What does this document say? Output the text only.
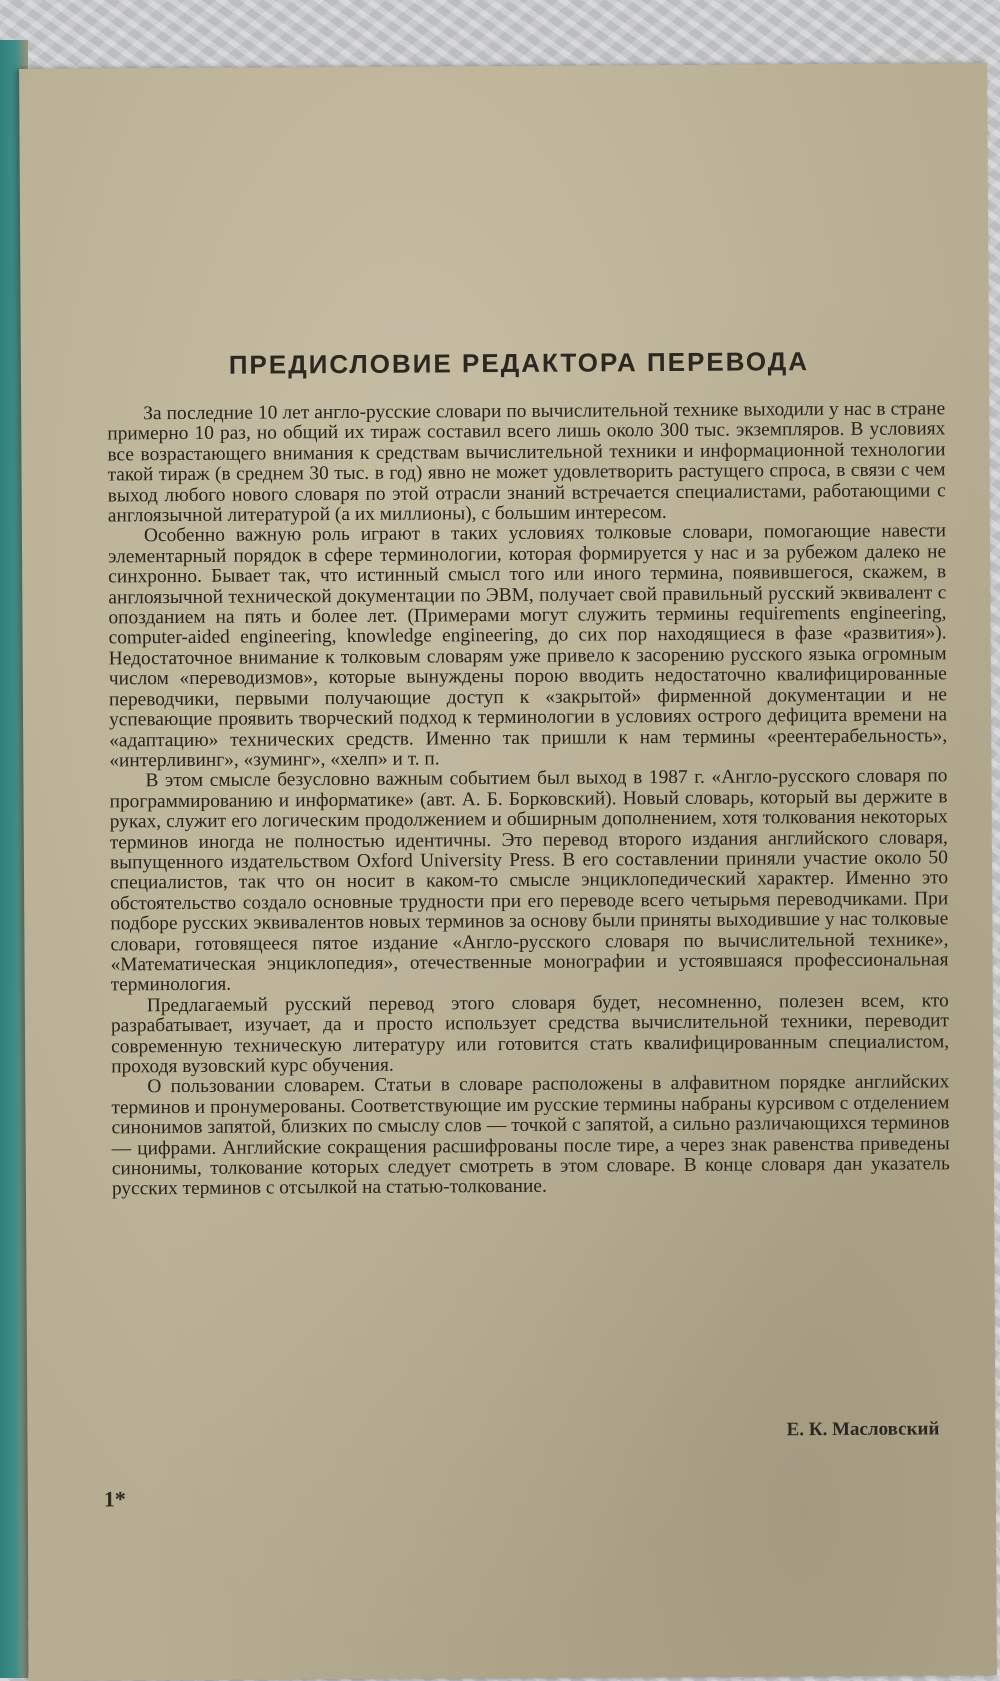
ПРЕДИСЛОВИЕ РЕДАКТОРА ПЕРЕВОДА

За последние 10 лет англо-русские словари по вычислительной технике выходили у нас в стране примерно 10 раз, но общий их тираж составил всего лишь около 300 тыс. экземпляров. В условиях все возрастающего внимания к средствам вычислительной техники и информационной технологии такой тираж (в среднем 30 тыс. в год) явно не может удовлетворить растущего спроса, в связи с чем выход любого нового словаря по этой отрасли знаний встречается специалистами, работающими с англоязычной литературой (а их миллионы), с большим интересом.

Особенно важную роль играют в таких условиях толковые словари, помогающие навести элементарный порядок в сфере терминологии, которая формируется у нас и за рубежом далеко не синхронно. Бывает так, что истинный смысл того или иного термина, появившегося, скажем, в англоязычной технической документации по ЭВМ, получает свой правильный русский эквивалент с опозданием на пять и более лет. (Примерами могут служить термины requirements engineering, computer-aided engineering, knowledge engineering, до сих пор находящиеся в фазе «развития»). Недостаточное внимание к толковым словарям уже привело к засорению русского языка огромным числом «переводизмов», которые вынуждены порою вводить недостаточно квалифицированные переводчики, первыми получающие доступ к «закрытой» фирменной документации и не успевающие проявить творческий подход к терминологии в условиях острого дефицита времени на «адаптацию» технических средств. Именно так пришли к нам термины «реентерабельность», «интерливинг», «зуминг», «хелп» и т. п.

В этом смысле безусловно важным событием был выход в 1987 г. «Англо-русского словаря по программированию и информатике» (авт. А. Б. Борковский). Новый словарь, который вы держите в руках, служит его логическим продолжением и обширным дополнением, хотя толкования некоторых терминов иногда не полностью идентичны. Это перевод второго издания английского словаря, выпущенного издательством Oxford University Press. В его составлении приняли участие около 50 специалистов, так что он носит в каком-то смысле энциклопедический характер. Именно это обстоятельство создало основные трудности при его переводе всего четырьмя переводчиками. При подборе русских эквивалентов новых терминов за основу были приняты выходившие у нас толковые словари, готовящееся пятое издание «Англо-русского словаря по вычислительной технике», «Математическая энциклопедия», отечественные монографии и устоявшаяся профессиональная терминология.

Предлагаемый русский перевод этого словаря будет, несомненно, полезен всем, кто разрабатывает, изучает, да и просто использует средства вычислительной техники, переводит современную техническую литературу или готовится стать квалифицированным специалистом, проходя вузовский курс обучения.

О пользовании словарем. Статьи в словаре расположены в алфавитном порядке английских терминов и пронумерованы. Соответствующие им русские термины набраны курсивом с отделением синонимов запятой, близких по смыслу слов — точкой с запятой, а сильно различающихся терминов — цифрами. Английские сокращения расшифрованы после тире, а через знак равенства приведены синонимы, толкование которых следует смотреть в этом словаре. В конце словаря дан указатель русских терминов с отсылкой на статью-толкование.

Е. К. Масловский
1*
